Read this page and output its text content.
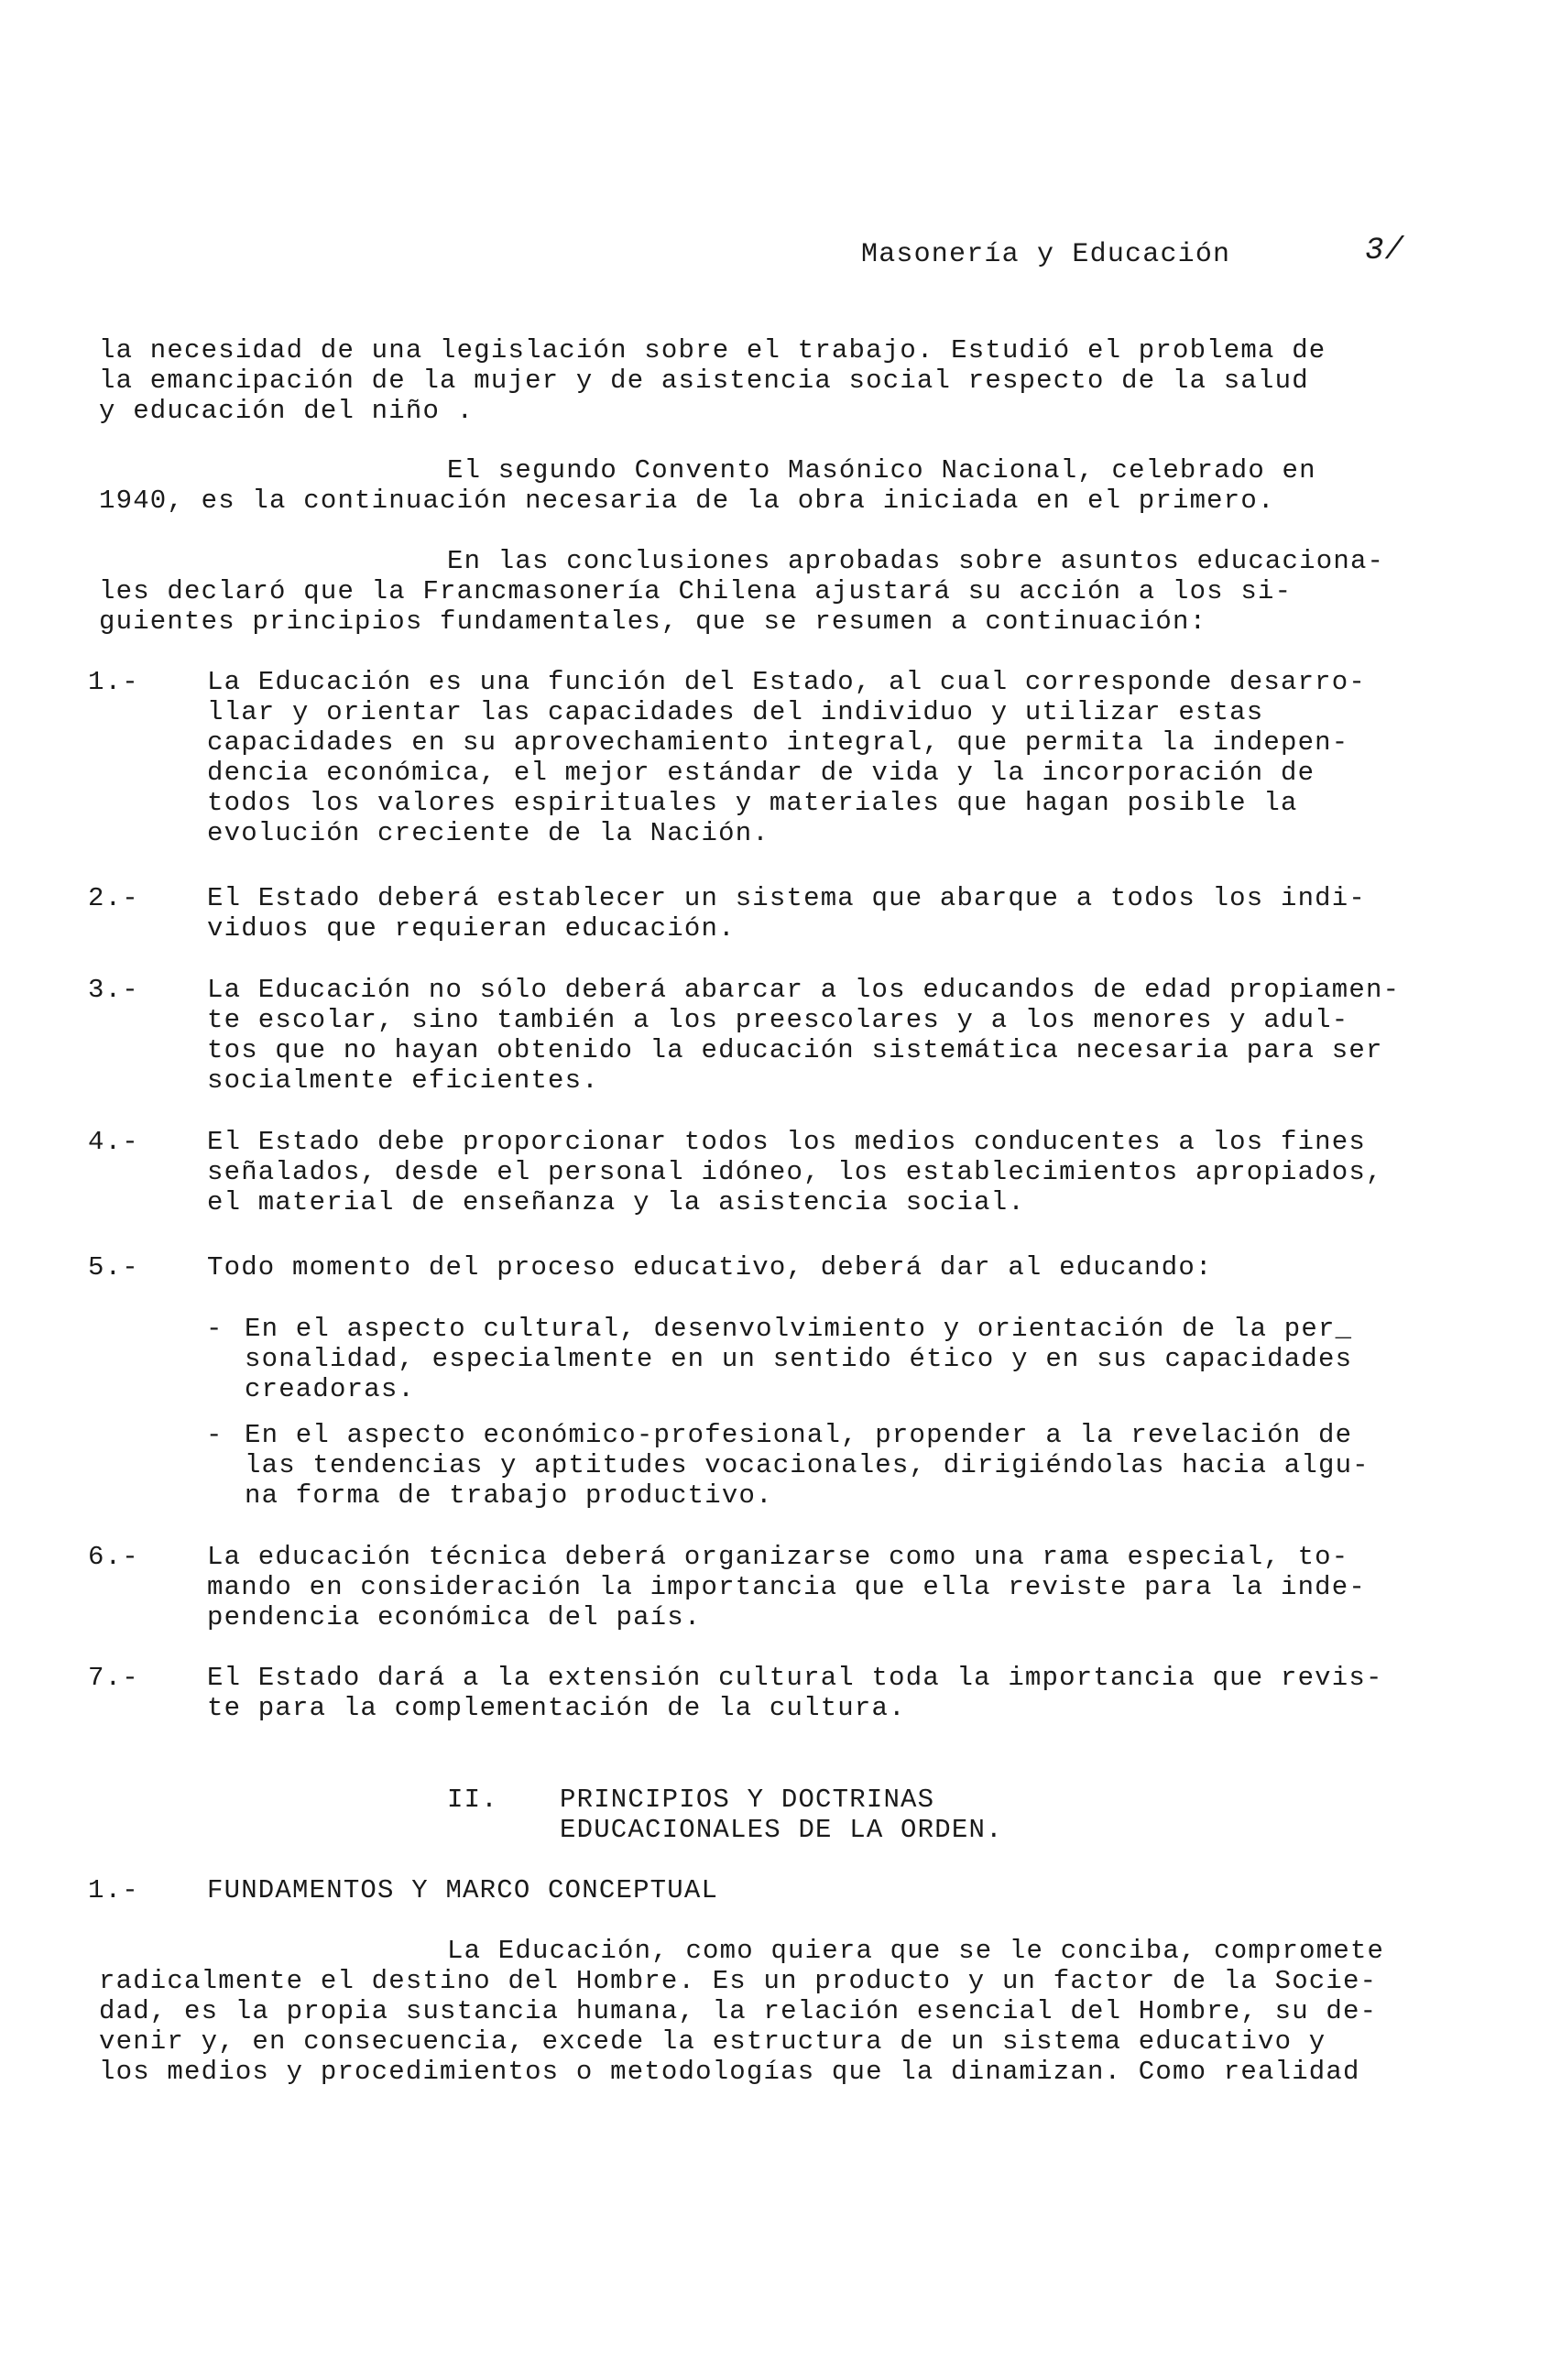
Masonería y Educación	3/
la necesidad de una legislación sobre el trabajo. Estudió el problema de
la emancipación de la mujer y de asistencia social respecto de la salud
y educación del niño .
El segundo Convento Masónico Nacional, celebrado en
1940, es la continuación necesaria de la obra iniciada en el primero.
En las conclusiones aprobadas sobre asuntos educaciona-
les declaró que la Francmasonería Chilena ajustará su acción a los si-
guientes principios fundamentales, que se resumen a continuación:
1.-	La Educación es una función del Estado, al cual corresponde desarro-
llar y orientar las capacidades del individuo y utilizar estas
capacidades en su aprovechamiento integral, que permita la indepen-
dencia económica, el mejor estándar de vida y la incorporación de
todos los valores espirituales y materiales que hagan posible la
evolución creciente de la Nación.
2.-	El Estado deberá establecer un sistema que abarque a todos los indi-
viduos que requieran educación.
3.-	La Educación no sólo deberá abarcar a los educandos de edad propiamen-
te escolar, sino también a los preescolares y a los menores y adul-
tos que no hayan obtenido la educación sistemática necesaria para ser
socialmente eficientes.
4.-	El Estado debe proporcionar todos los medios conducentes a los fines
señalados, desde el personal idóneo, los establecimientos apropiados,
el material de enseñanza y la asistencia social.
5.-	Todo momento del proceso educativo, deberá dar al educando:
- En el aspecto cultural, desenvolvimiento y orientación de la per_
sonalidad, especialmente en un sentido ético y en sus capacidades
creadoras.
- En el aspecto económico-profesional, propender a la revelación de
las tendencias y aptitudes vocacionales, dirigiéndolas hacia algu-
na forma de trabajo productivo.
6.-	La educación técnica deberá organizarse como una rama especial, to-
mando en consideración la importancia que ella reviste para la inde-
pendencia económica del país.
7.-	El Estado dará a la extensión cultural toda la importancia que revis-
te para la complementación de la cultura.
II. PRINCIPIOS Y DOCTRINAS
EDUCACIONALES DE LA ORDEN.
1.-	FUNDAMENTOS Y MARCO CONCEPTUAL
La Educación, como quiera que se le conciba, compromete
radicalmente el destino del Hombre. Es un producto y un factor de la Socie-
dad, es la propia sustancia humana, la relación esencial del Hombre, su de-
venir y, en consecuencia, excede la estructura de un sistema educativo y
los medios y procedimientos o metodologías que la dinamizan. Como realidad
